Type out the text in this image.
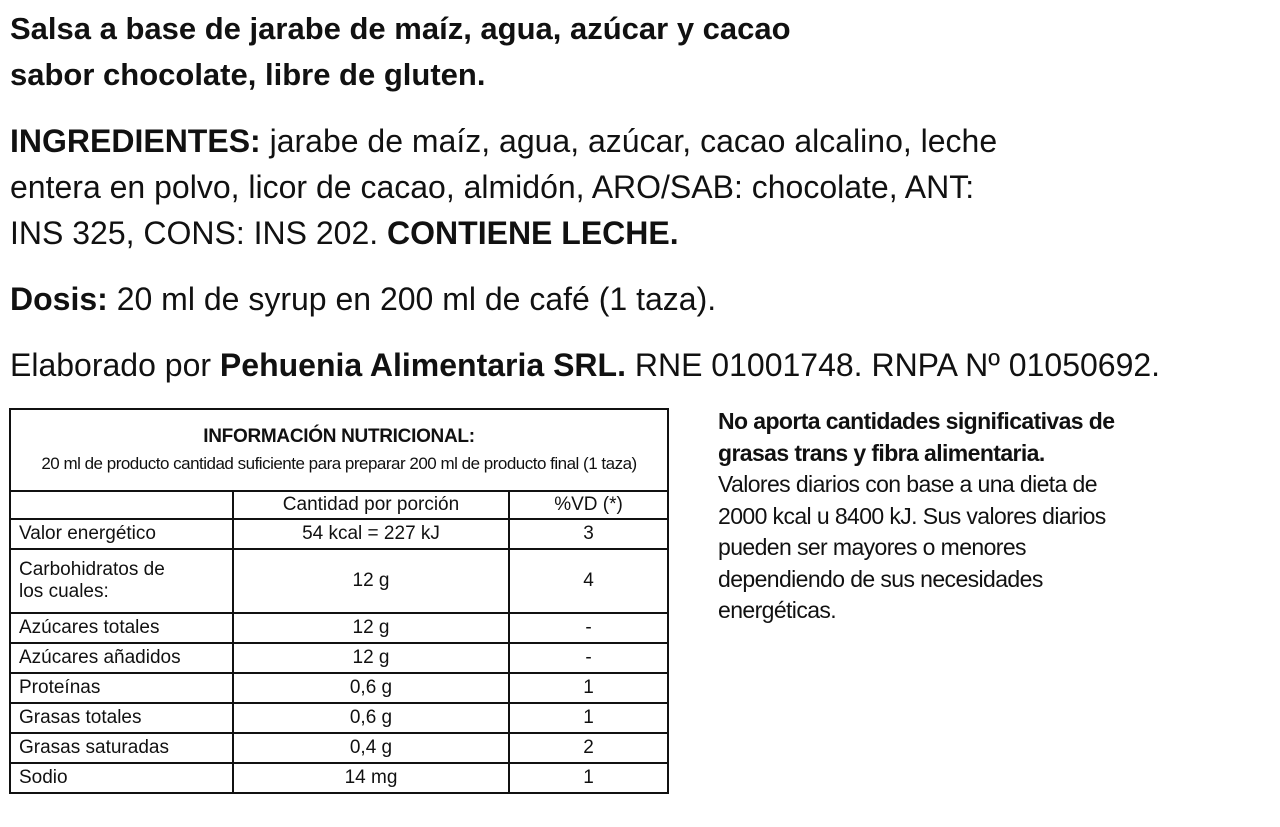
Salsa a base de jarabe de maíz, agua, azúcar y cacao
sabor chocolate, libre de gluten.
INGREDIENTES: jarabe de maíz, agua, azúcar, cacao alcalino, leche
entera en polvo, licor de cacao, almidón, ARO/SAB: chocolate, ANT:
INS 325, CONS: INS 202. CONTIENE LECHE.
Dosis: 20 ml de syrup en 200 ml de café (1 taza).
Elaborado por Pehuenia Alimentaria SRL. RNE 01001748. RNPA Nº 01050692.
INFORMACIÓN NUTRICIONAL:
20 ml de producto cantidad suficiente para preparar 200 ml de producto final (1 taza)		

	Cantidad por porción	%VD (*)
Valor energético	54 kcal = 227 kJ	3

Carbohidratos de
los cuales:	12 g	4
Azúcares totales	12 g	-
Azúcares añadidos	12 g	-
Proteínas	0,6 g	1
Grasas totales	0,6 g	1
Grasas saturadas	0,4 g	2
Sodio	14 mg	1
No aporta cantidades significativas de
grasas trans y fibra alimentaria.
Valores diarios con base a una dieta de
2000 kcal u 8400 kJ. Sus valores diarios
pueden ser mayores o menores
dependiendo de sus necesidades
energéticas.
